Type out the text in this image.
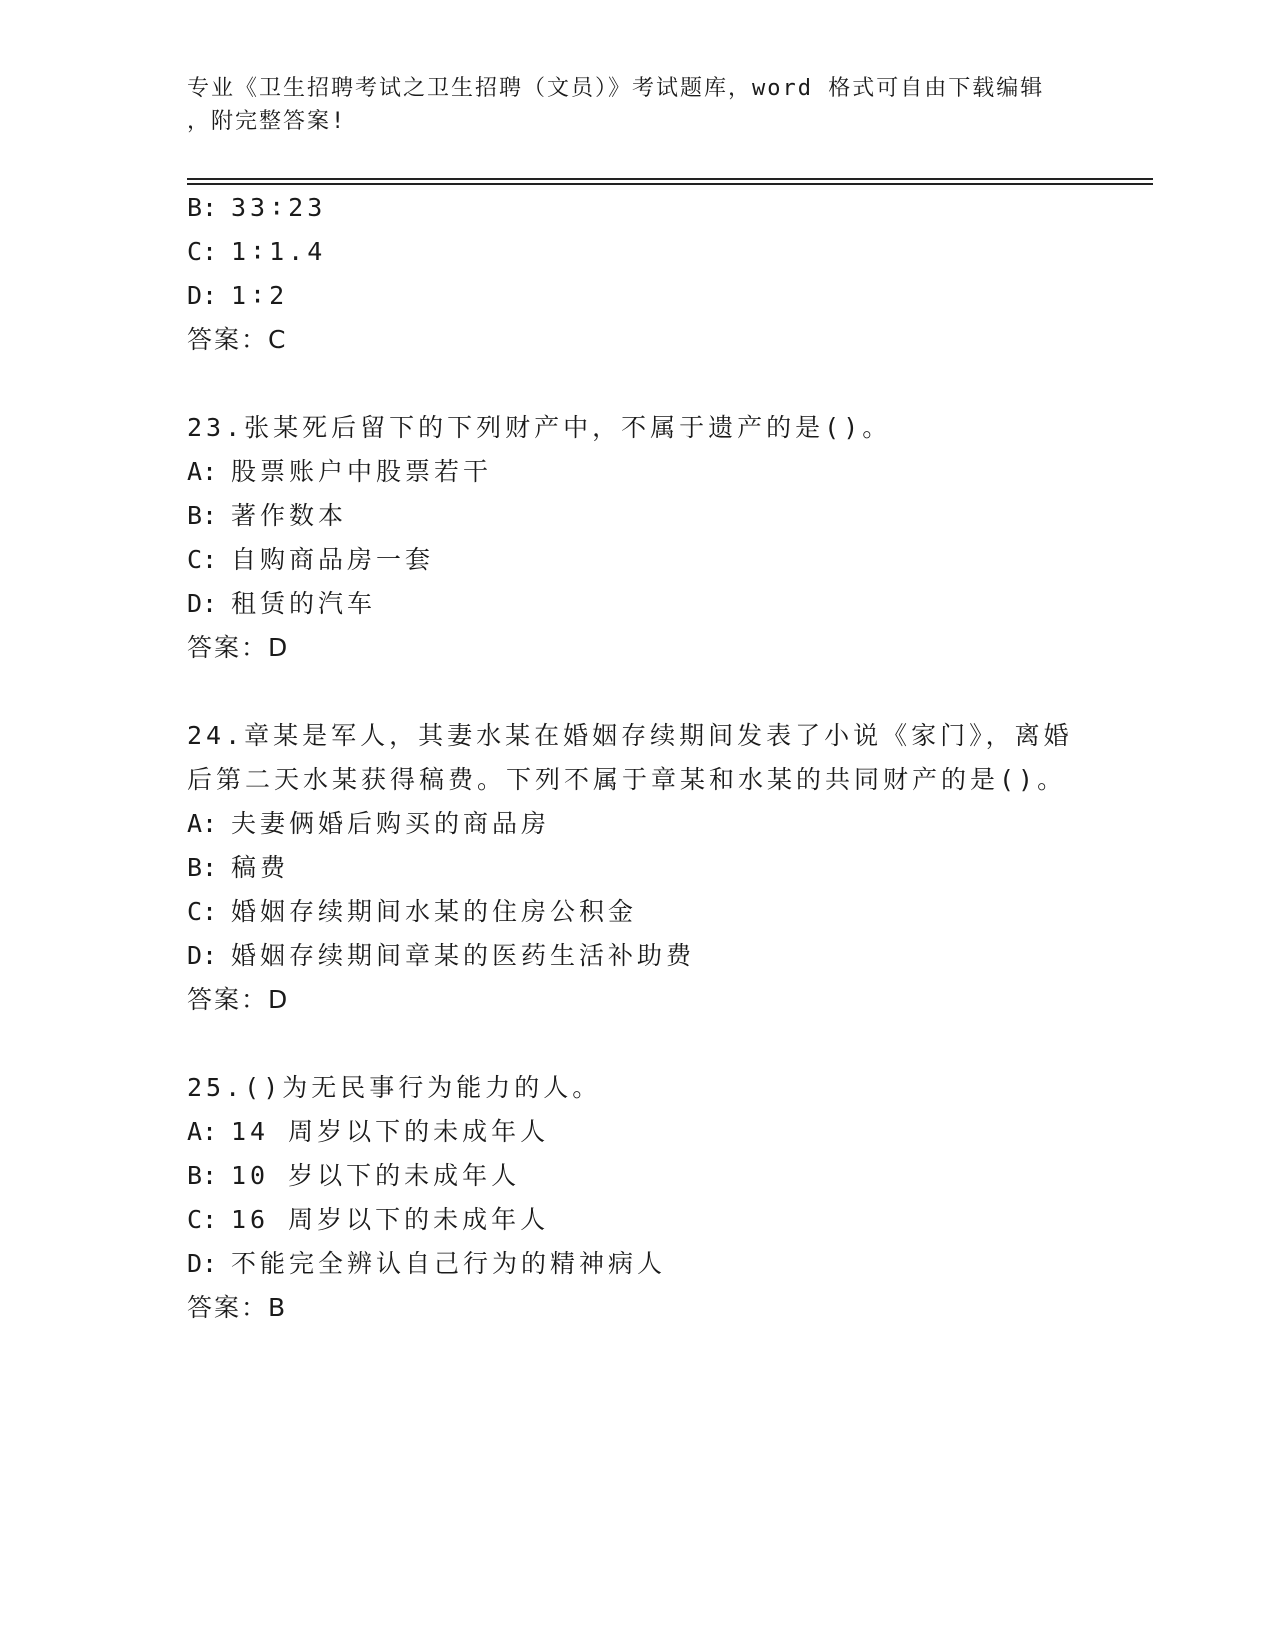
专业《卫生招聘考试之卫生招聘（文员）》考试题库，word 格式可自由下载编辑
，附完整答案!
B: 33∶23
C: 1∶1.4
D: 1∶2
答案：C
23.张某死后留下的下列财产中，不属于遗产的是()。
A: 股票账户中股票若干
B: 著作数本
C: 自购商品房一套
D: 租赁的汽车
答案：D
24.章某是军人，其妻水某在婚姻存续期间发表了小说《家门》，离婚
后第二天水某获得稿费。下列不属于章某和水某的共同财产的是()。
A: 夫妻俩婚后购买的商品房
B: 稿费
C: 婚姻存续期间水某的住房公积金
D: 婚姻存续期间章某的医药生活补助费
答案：D
25.()为无民事行为能力的人。
A: 14 周岁以下的未成年人
B: 10 岁以下的未成年人
C: 16 周岁以下的未成年人
D: 不能完全辨认自己行为的精神病人
答案：B
